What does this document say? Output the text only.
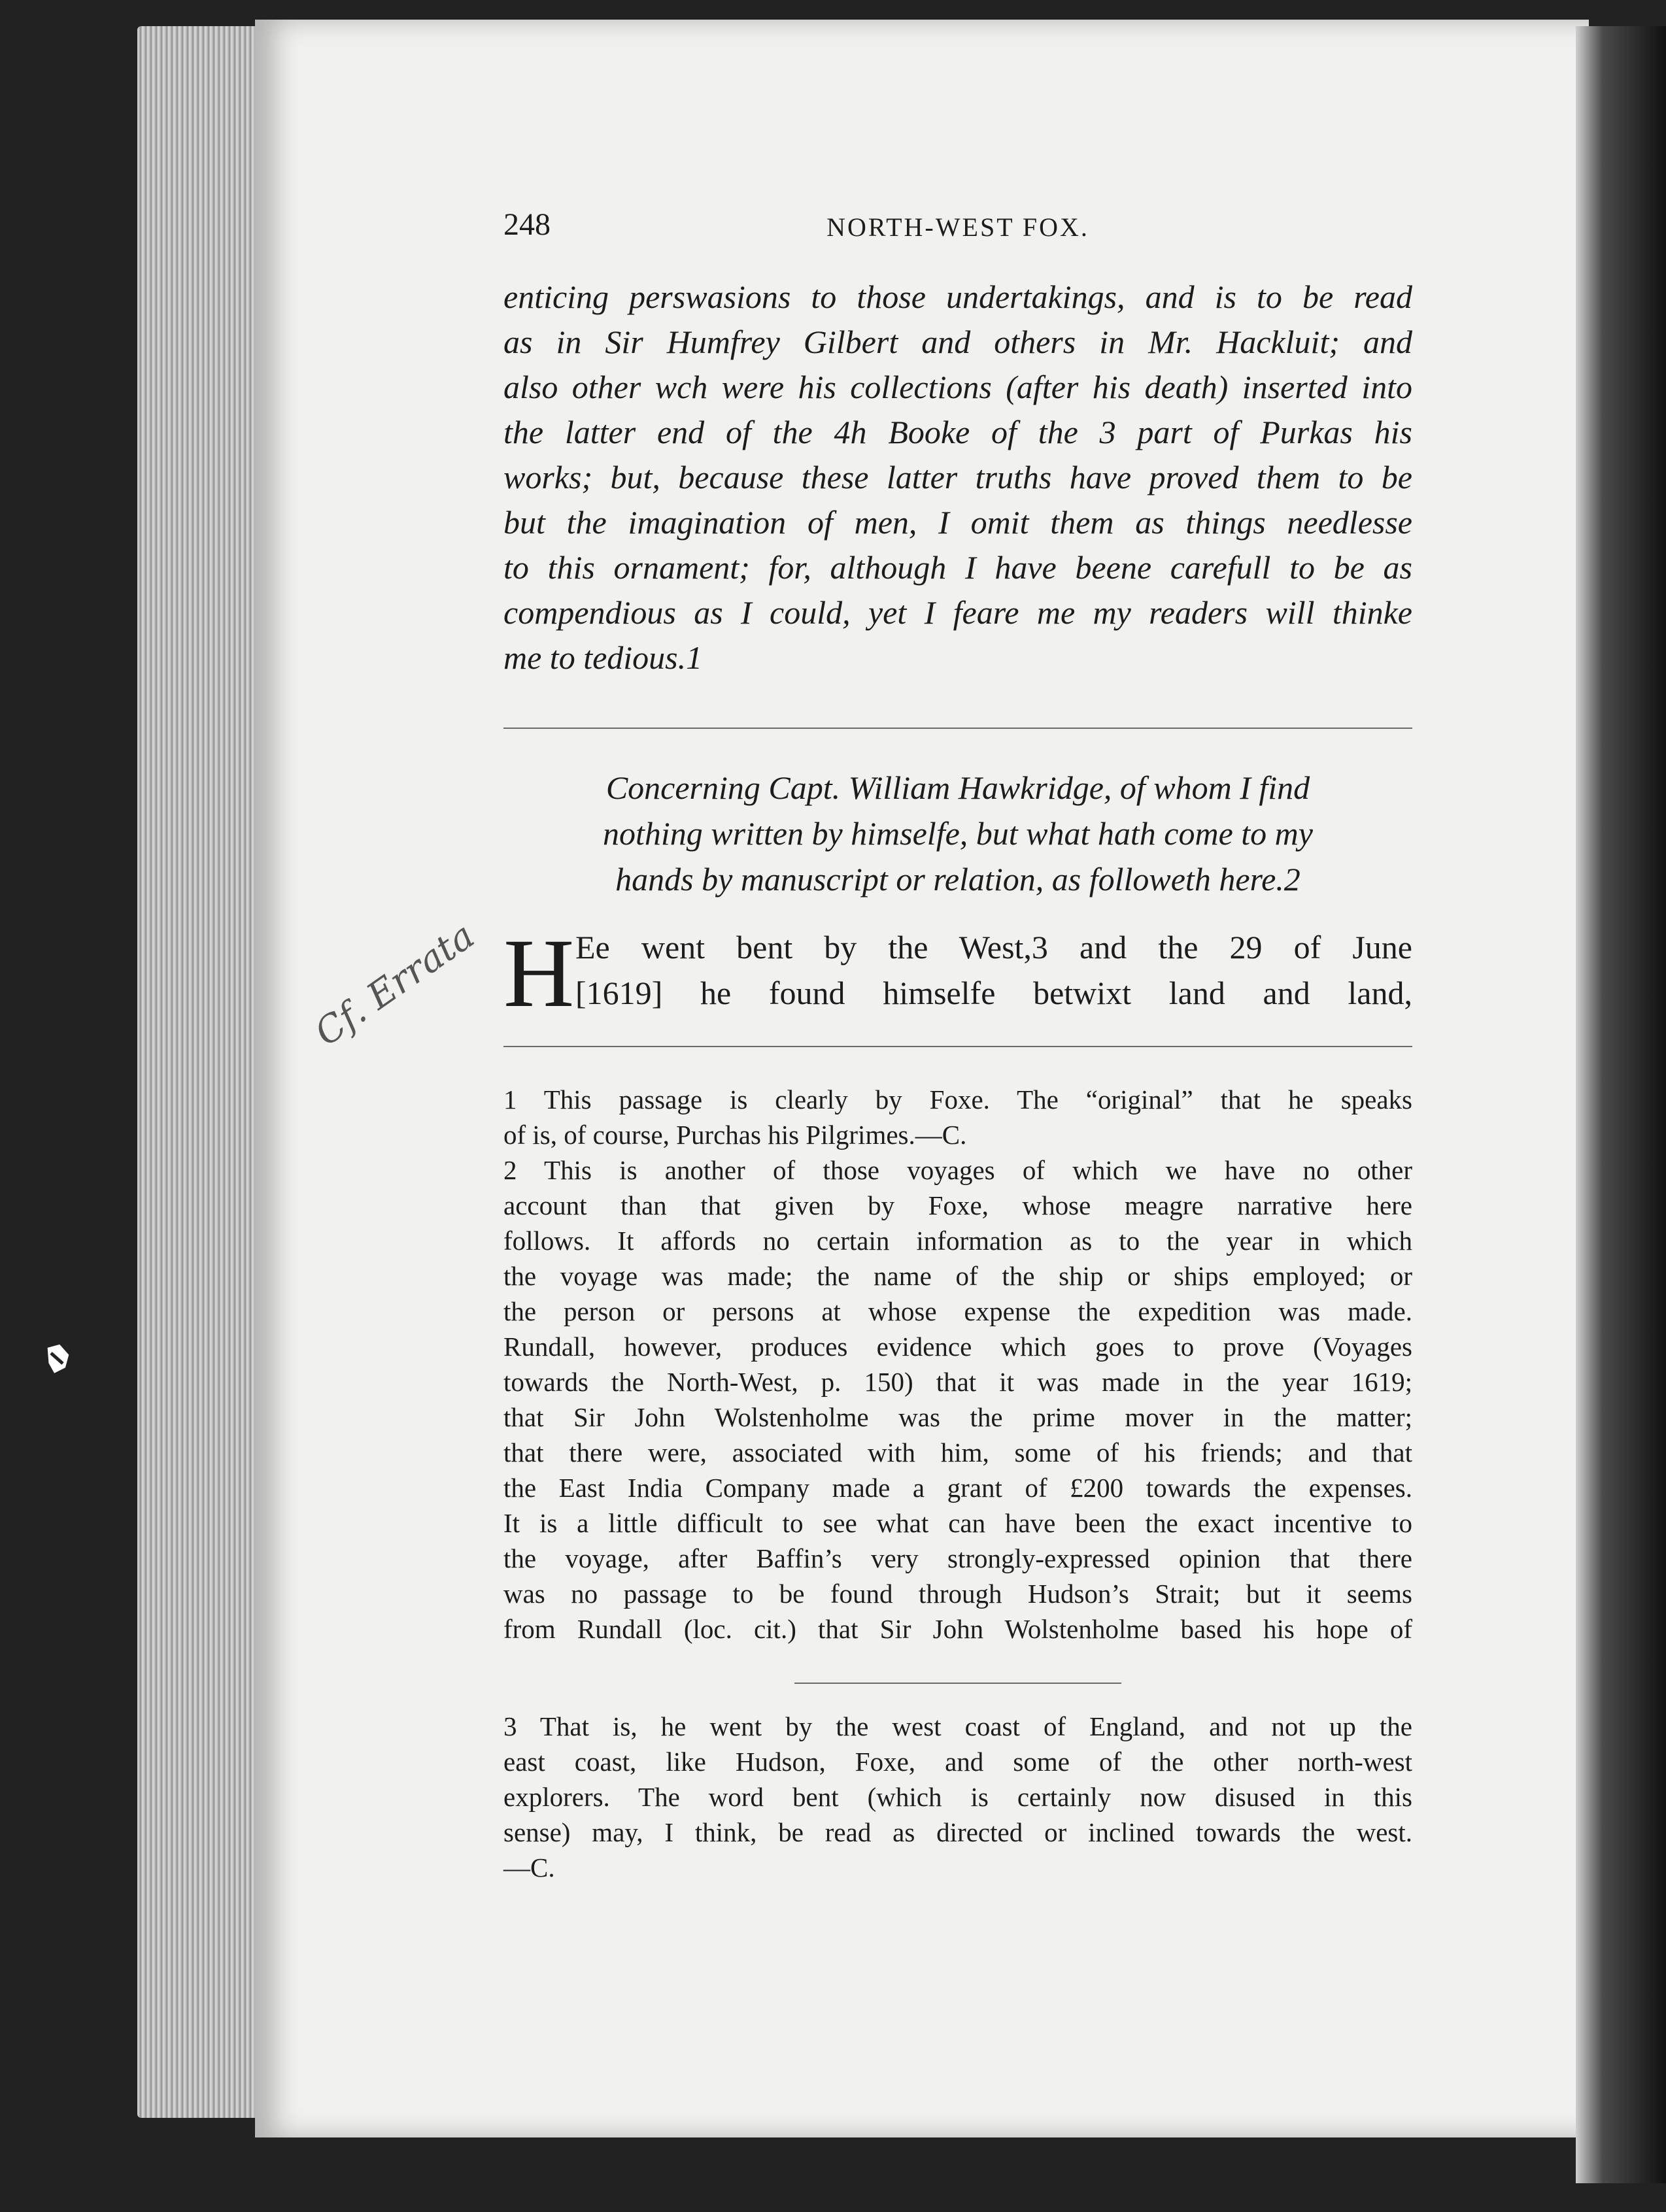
Cf. Errata
248	NORTH-WEST FOX.
enticing perswasions to those undertakings, and is to be read
as in Sir Humfrey Gilbert and others in Mr. Hackluit; and
also other wch were his collections (after his death) inserted into
the latter end of the 4h Booke of the 3 part of Purkas his
works; but, because these latter truths have proved them to be
but the imagination of men, I omit them as things needlesse
to this ornament; for, although I have beene carefull to be as
compendious as I could, yet I feare me my readers will thinke
me to tedious.1
Concerning Capt. William Hawkridge, of whom I find
nothing written by himselfe, but what hath come to my
hands by manuscript or relation, as followeth here.2
H Ee went bent by the West,3 and the 29 of June
[1619] he found himselfe betwixt land and land,
1 This passage is clearly by Foxe. The “original” that he speaks
of is, of course, Purchas his Pilgrimes.—C.
2 This is another of those voyages of which we have no other
account than that given by Foxe, whose meagre narrative here
follows. It affords no certain information as to the year in which
the voyage was made; the name of the ship or ships employed; or
the person or persons at whose expense the expedition was made.
Rundall, however, produces evidence which goes to prove (Voyages
towards the North-West, p. 150) that it was made in the year 1619;
that Sir John Wolstenholme was the prime mover in the matter;
that there were, associated with him, some of his friends; and that
the East India Company made a grant of £200 towards the expenses.
It is a little difficult to see what can have been the exact incentive to
the voyage, after Baffin’s very strongly-expressed opinion that there
was no passage to be found through Hudson’s Strait; but it seems
from Rundall (loc. cit.) that Sir John Wolstenholme based his hope of
3 That is, he went by the west coast of England, and not up the
east coast, like Hudson, Foxe, and some of the other north-west
explorers. The word bent (which is certainly now disused in this
sense) may, I think, be read as directed or inclined towards the west.
—C.
